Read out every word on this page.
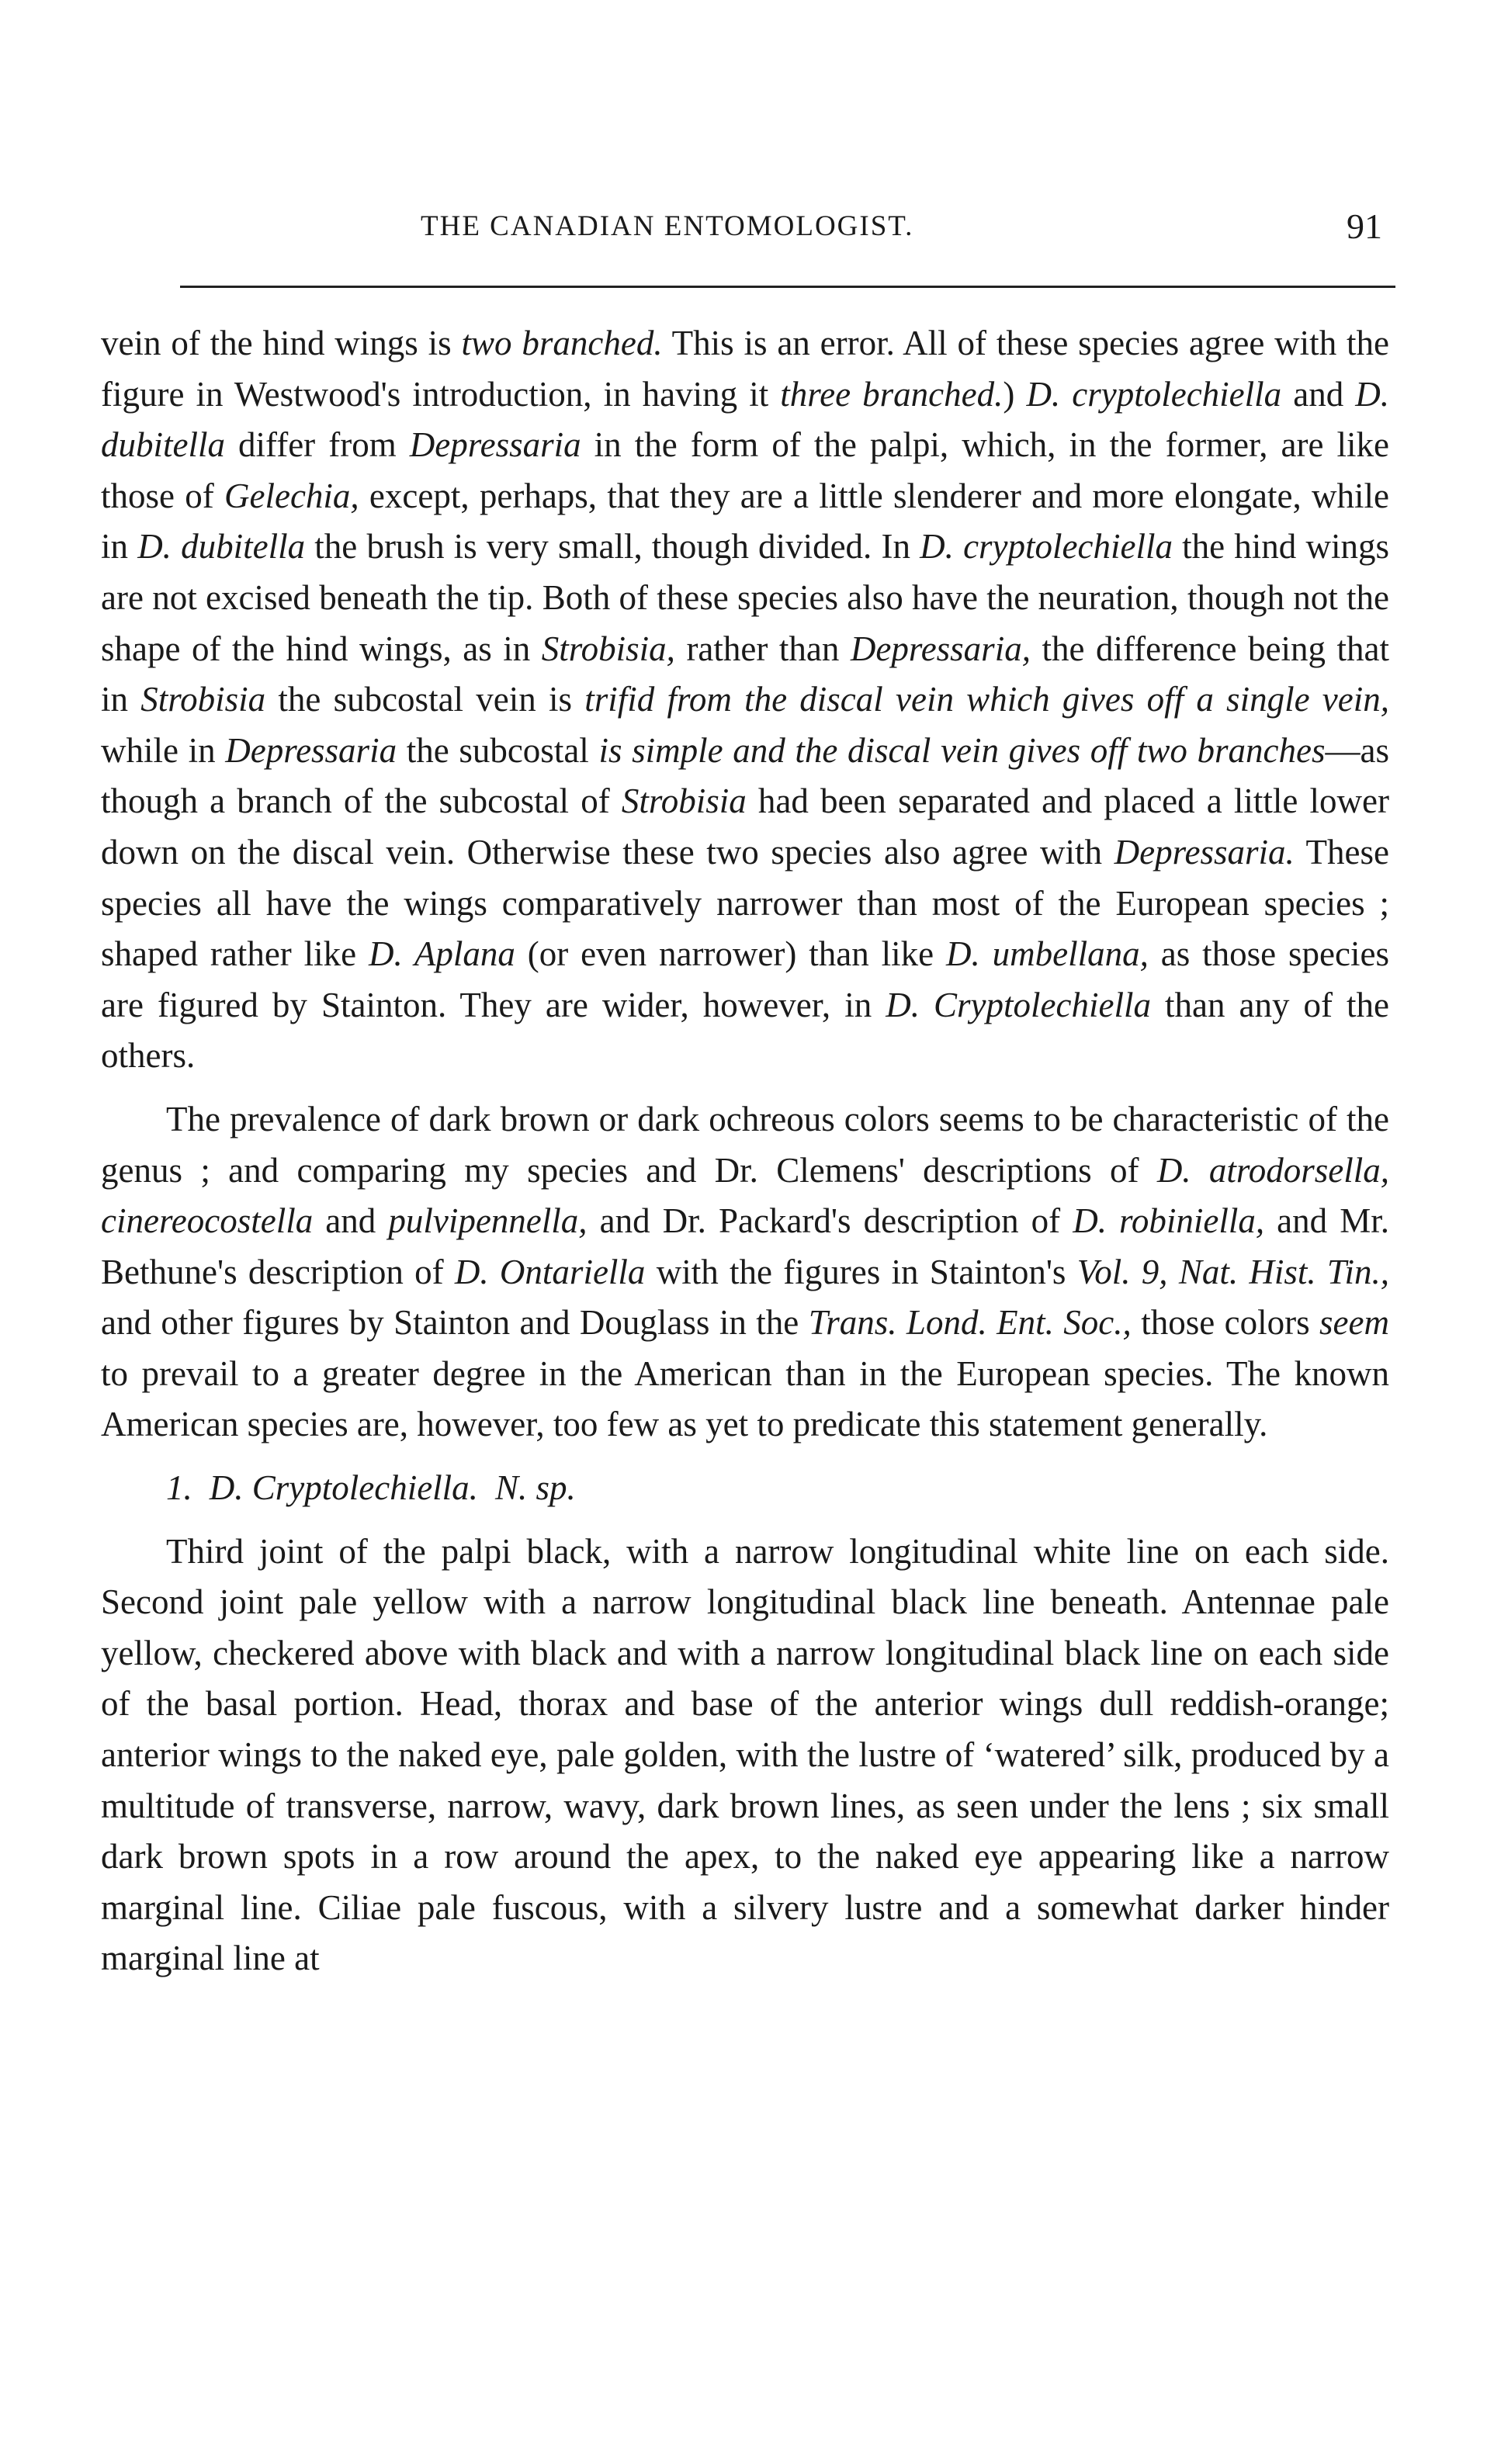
THE CANADIAN ENTOMOLOGIST.	91

vein of the hind wings is two branched. This is an error. All of these species agree with the figure in Westwood's introduction, in having it three branched.) D. cryptolechiella and D. dubitella differ from Depressaria in the form of the palpi, which, in the former, are like those of Gelechia, except, perhaps, that they are a little slenderer and more elongate, while in D. dubitella the brush is very small, though divided. In D. cryptolechiella the hind wings are not excised beneath the tip. Both of these species also have the neuration, though not the shape of the hind wings, as in Strobisia, rather than Depressaria, the difference being that in Strobisia the subcostal vein is trifid from the discal vein which gives off a single vein, while in Depressaria the subcostal is simple and the discal vein gives off two branches—as though a branch of the subcostal of Strobisia had been separated and placed a little lower down on the discal vein. Otherwise these two species also agree with Depressaria. These species all have the wings comparatively narrower than most of the European species ; shaped rather like D. Aplana (or even narrower) than like D. umbellana, as those species are figured by Stainton. They are wider, however, in D. Cryptolechiella than any of the others.

The prevalence of dark brown or dark ochreous colors seems to be characteristic of the genus ; and comparing my species and Dr. Clemens' descriptions of D. atrodorsella, cinereocostella and pulvipennella, and Dr. Packard's description of D. robiniella, and Mr. Bethune's description of D. Ontariella with the figures in Stainton's Vol. 9, Nat. Hist. Tin., and other figures by Stainton and Douglass in the Trans. Lond. Ent. Soc., those colors seem to prevail to a greater degree in the American than in the European species. The known American species are, however, too few as yet to predicate this statement generally.

1. D. Cryptolechiella. N. sp.

Third joint of the palpi black, with a narrow longitudinal white line on each side. Second joint pale yellow with a narrow longitudinal black line beneath. Antennae pale yellow, checkered above with black and with a narrow longitudinal black line on each side of the basal portion. Head, thorax and base of the anterior wings dull reddish-orange; anterior wings to the naked eye, pale golden, with the lustre of ‘watered’ silk, produced by a multitude of transverse, narrow, wavy, dark brown lines, as seen under the lens ; six small dark brown spots in a row around the apex, to the naked eye appearing like a narrow marginal line. Ciliae pale fuscous, with a silvery lustre and a somewhat darker hinder marginal line at
